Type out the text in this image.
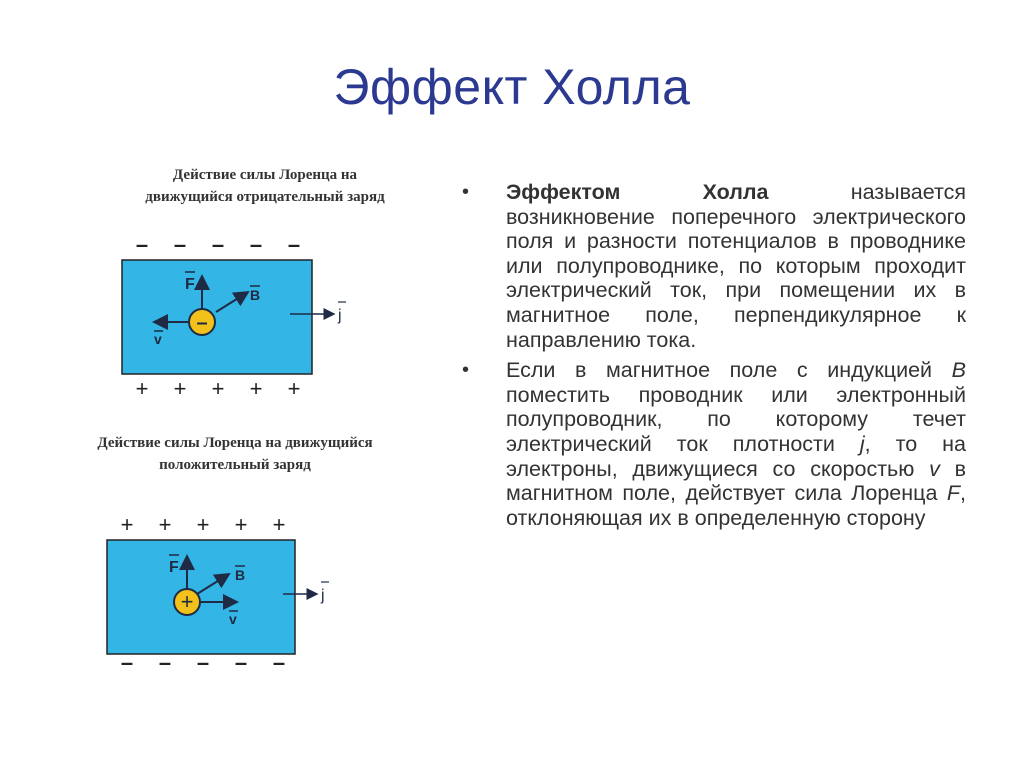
Эффект Холла
Действие силы Лоренца на
движущийся отрицательный заряд
– – – – –
–
F
B
v
j
+ + + + +
Действие силы Лоренца на движущийся
положительный заряд
+ + + + +
+
F	B
v
j
– – – – –
• Эффектом Холла называется возникновение поперечного электрического поля и разности потенциалов в проводнике или полупроводнике, по которым проходит электрический ток, при помещении их в магнитное поле, перпендикулярное к направлению тока.
• Если в магнитное поле с индукцией B поместить проводник или электронный полупроводник, по которому течет электрический ток плотности j, то на электроны, движущиеся со скоростью v в магнитном поле, действует сила Лоренца F, отклоняющая их в определенную сторону
